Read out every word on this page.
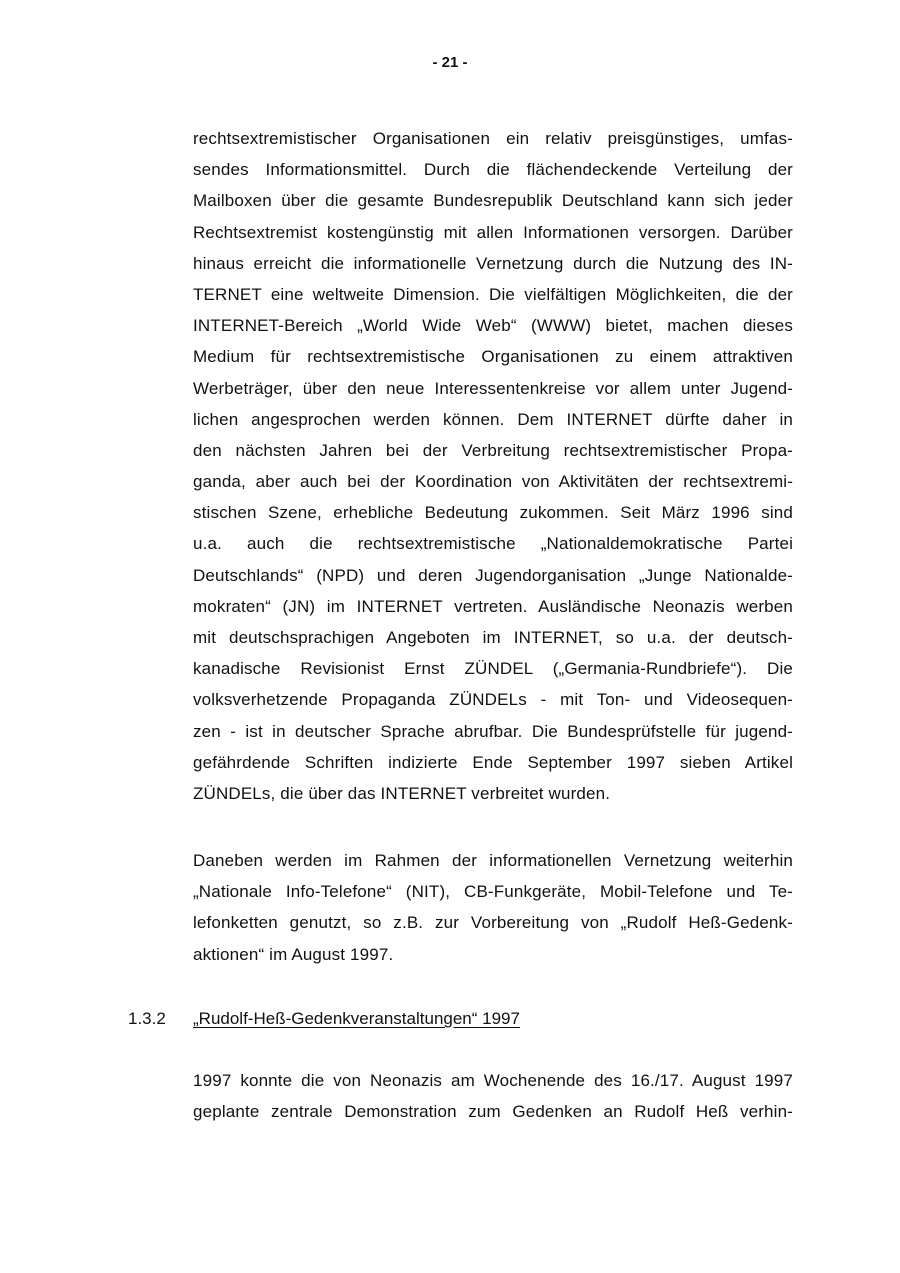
- 21 -
rechtsextremistischer Organisationen ein relativ preisgünstiges, umfas-
sendes Informationsmittel. Durch die flächendeckende Verteilung der
Mailboxen über die gesamte Bundesrepublik Deutschland kann sich jeder
Rechtsextremist kostengünstig mit allen Informationen versorgen. Darüber
hinaus erreicht die informationelle Vernetzung durch die Nutzung des IN-
TERNET eine weltweite Dimension. Die vielfältigen Möglichkeiten, die der
INTERNET-Bereich „World Wide Web“ (WWW) bietet, machen dieses
Medium für rechtsextremistische Organisationen zu einem attraktiven
Werbeträger, über den neue Interessentenkreise vor allem unter Jugend-
lichen angesprochen werden können. Dem INTERNET dürfte daher in
den nächsten Jahren bei der Verbreitung rechtsextremistischer Propa-
ganda, aber auch bei der Koordination von Aktivitäten der rechtsextremi-
stischen Szene, erhebliche Bedeutung zukommen. Seit März 1996 sind
u.a. auch die rechtsextremistische „Nationaldemokratische Partei
Deutschlands“ (NPD) und deren Jugendorganisation „Junge Nationalde-
mokraten“ (JN) im INTERNET vertreten. Ausländische Neonazis werben
mit deutschsprachigen Angeboten im INTERNET, so u.a. der deutsch-
kanadische Revisionist Ernst ZÜNDEL („Germania-Rundbriefe“). Die
volksverhetzende Propaganda ZÜNDELs - mit Ton- und Videosequen-
zen - ist in deutscher Sprache abrufbar. Die Bundesprüfstelle für jugend-
gefährdende Schriften indizierte Ende September 1997 sieben Artikel
ZÜNDELs, die über das INTERNET verbreitet wurden.
Daneben werden im Rahmen der informationellen Vernetzung weiterhin
„Nationale Info-Telefone“ (NIT), CB-Funkgeräte, Mobil-Telefone und Te-
lefonketten genutzt, so z.B. zur Vorbereitung von „Rudolf Heß-Gedenk-
aktionen“ im August 1997.
1.3.2 „Rudolf-Heß-Gedenkveranstaltungen“ 1997
1997 konnte die von Neonazis am Wochenende des 16./17. August 1997
geplante zentrale Demonstration zum Gedenken an Rudolf Heß verhin-
